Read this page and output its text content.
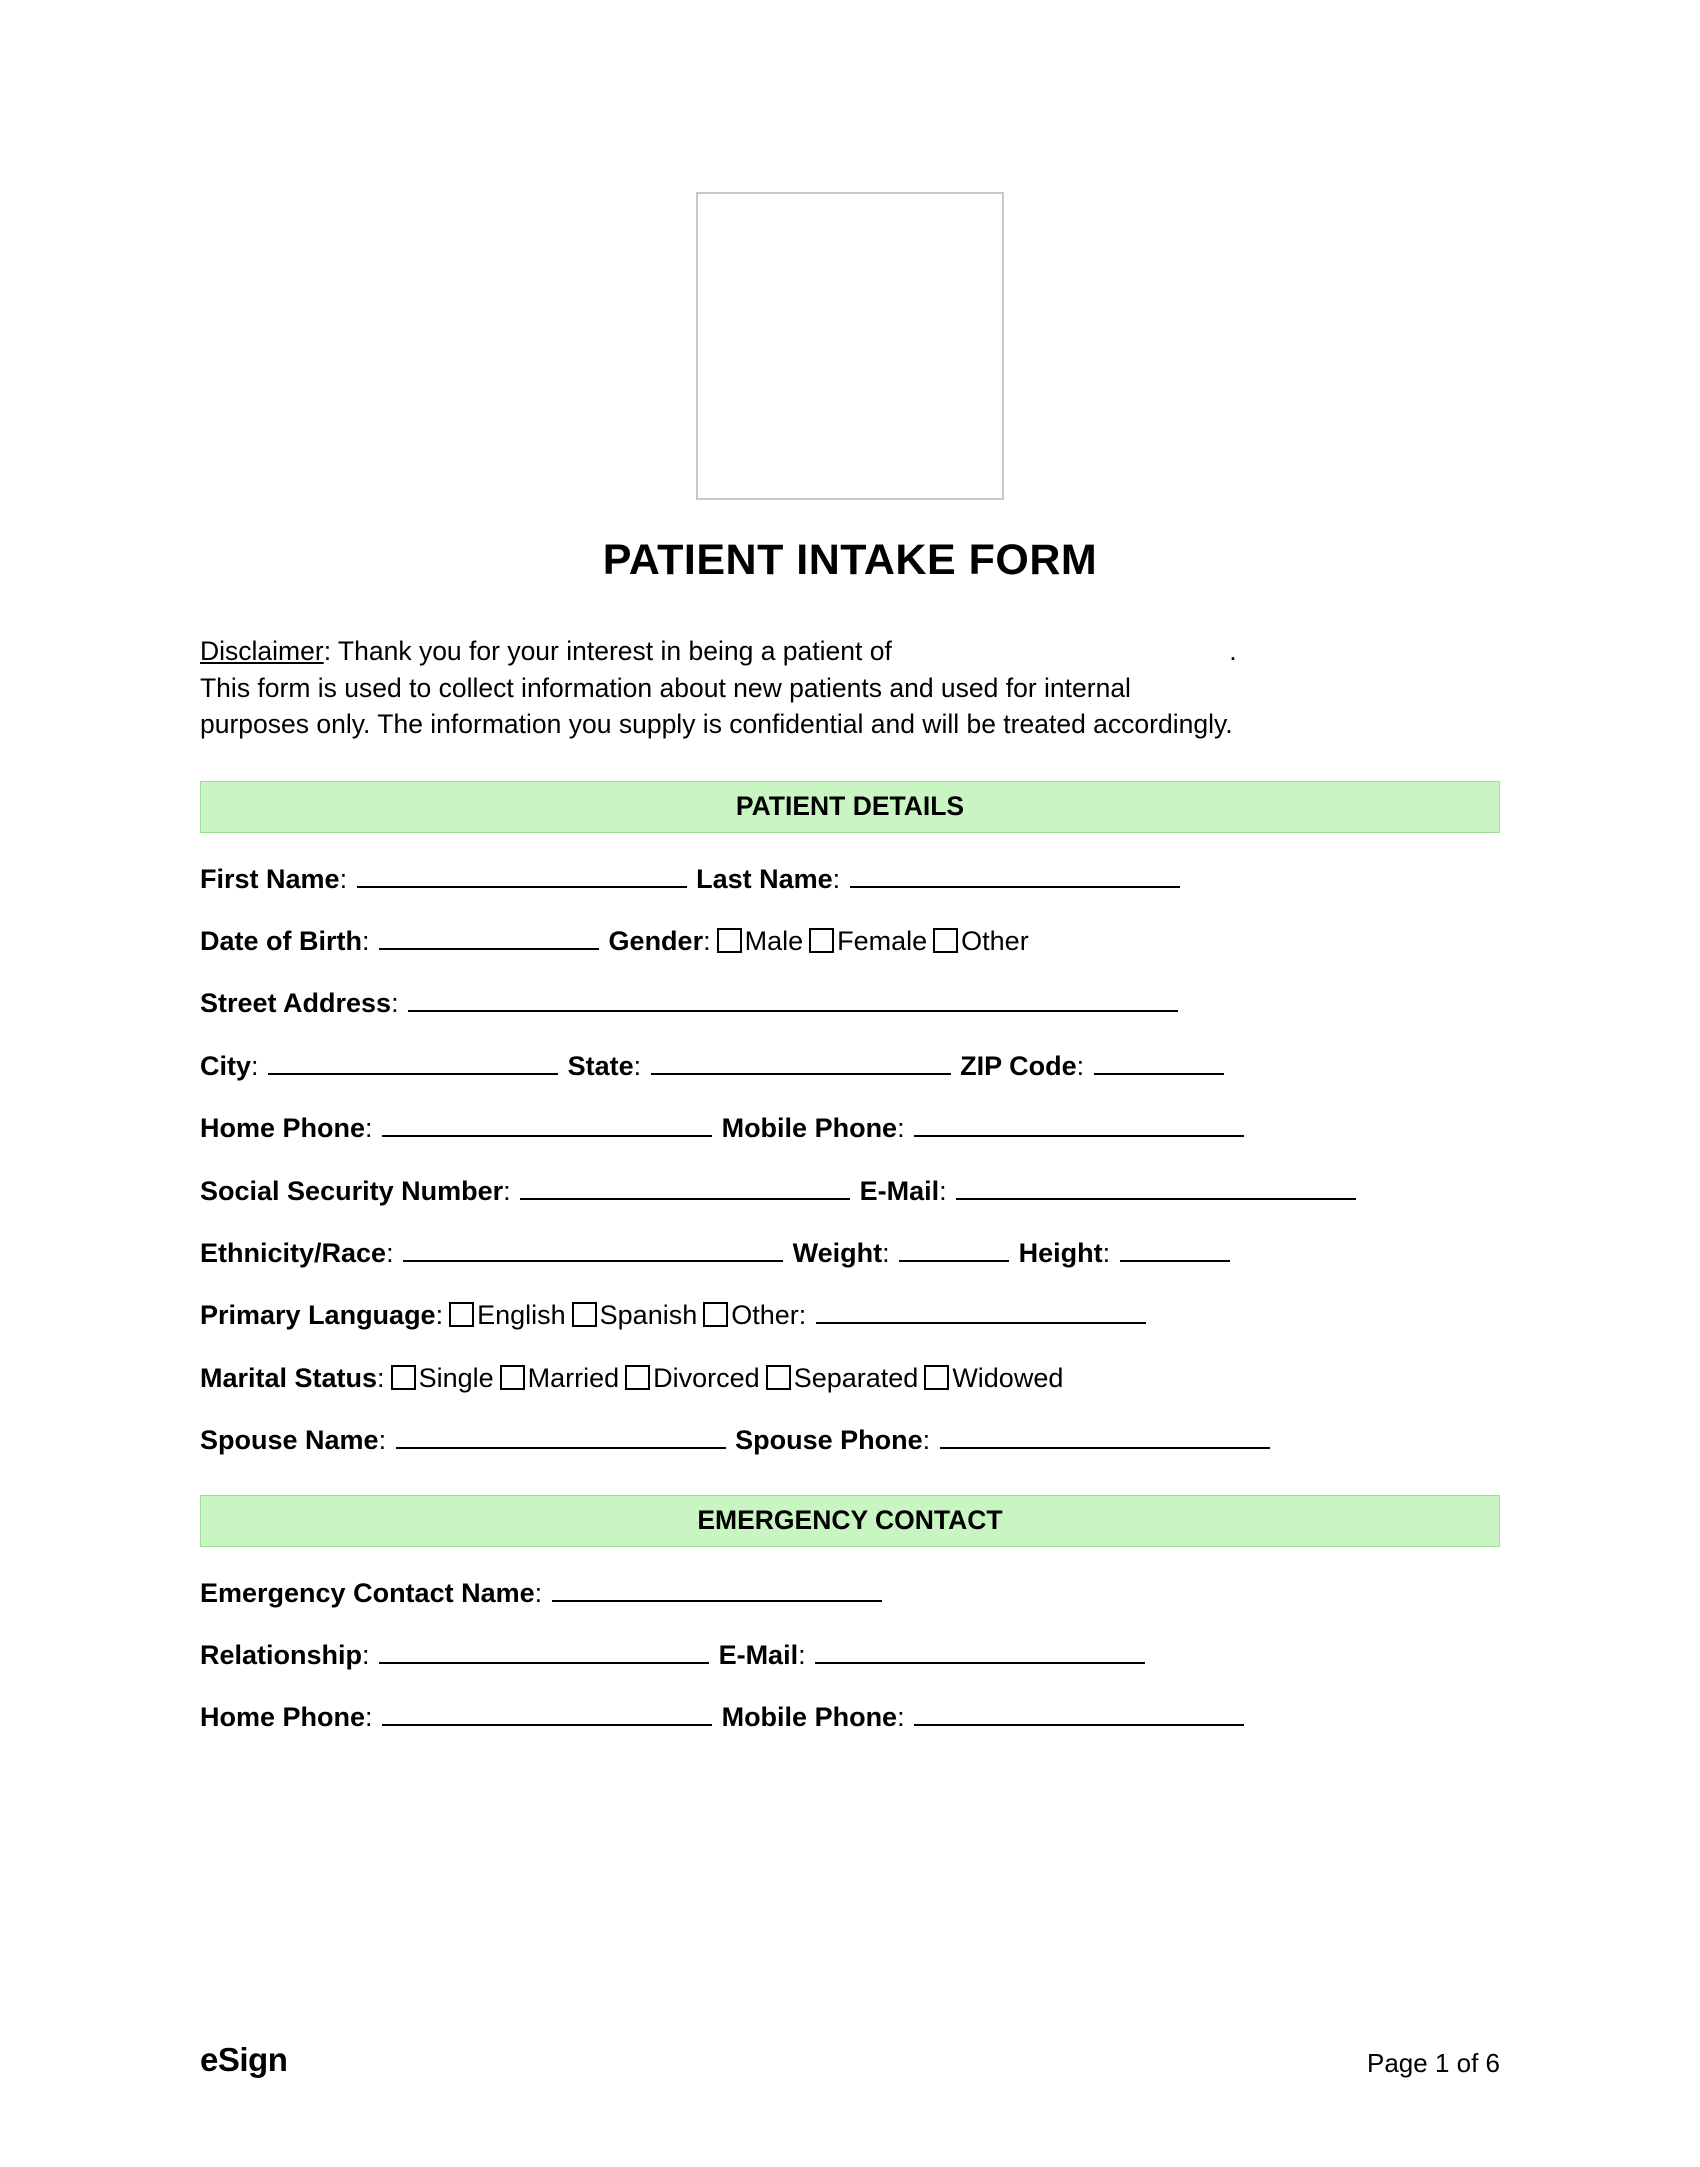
PATIENT INTAKE FORM
Disclaimer: Thank you for your interest in being a patient of	.
This form is used to collect information about new patients and used for internal
purposes only. The information you supply is confidential and will be treated accordingly.
PATIENT DETAILS
First Name:	Last Name:
Date of Birth:	Gender: Male Female Other
Street Address:
City:	State:	ZIP Code:
Home Phone:	Mobile Phone:
Social Security Number:	E-Mail:
Ethnicity/Race:	Weight:	Height:
Primary Language: English Spanish Other:
Marital Status: Single Married Divorced Separated Widowed
Spouse Name:	Spouse Phone:
EMERGENCY CONTACT
Emergency Contact Name:
Relationship:	E-Mail:
Home Phone:	Mobile Phone:
eSign	Page 1 of 6
